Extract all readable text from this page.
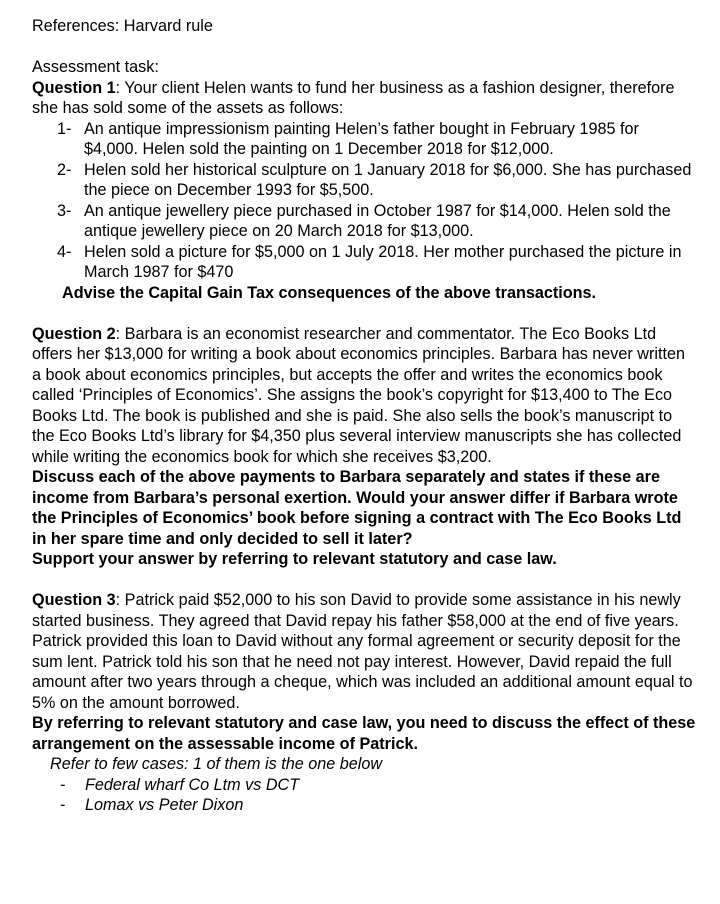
References: Harvard rule

Assessment task:

Question 1: Your client Helen wants to fund her business as a fashion designer, therefore she has sold some of the assets as follows:

1- An antique impressionism painting Helen’s father bought in February 1985 for $4,000. Helen sold the painting on 1 December 2018 for $12,000.
2- Helen sold her historical sculpture on 1 January 2018 for $6,000. She has purchased the piece on December 1993 for $5,500.
3- An antique jewellery piece purchased in October 1987 for $14,000. Helen sold the antique jewellery piece on 20 March 2018 for $13,000.
4- Helen sold a picture for $5,000 on 1 July 2018. Her mother purchased the picture in March 1987 for $470

Advise the Capital Gain Tax consequences of the above transactions.

Question 2: Barbara is an economist researcher and commentator. The Eco Books Ltd offers her $13,000 for writing a book about economics principles. Barbara has never written a book about economics principles, but accepts the offer and writes the economics book called ‘Principles of Economics’. She assigns the book’s copyright for $13,400 to The Eco Books Ltd. The book is published and she is paid. She also sells the book’s manuscript to the Eco Books Ltd’s library for $4,350 plus several interview manuscripts she has collected while writing the economics book for which she receives $3,200.

Discuss each of the above payments to Barbara separately and states if these are income from Barbara’s personal exertion. Would your answer differ if Barbara wrote the Principles of Economics’ book before signing a contract with The Eco Books Ltd in her spare time and only decided to sell it later?

Support your answer by referring to relevant statutory and case law.

Question 3: Patrick paid $52,000 to his son David to provide some assistance in his newly started business. They agreed that David repay his father $58,000 at the end of five years. Patrick provided this loan to David without any formal agreement or security deposit for the sum lent. Patrick told his son that he need not pay interest. However, David repaid the full amount after two years through a cheque, which was included an additional amount equal to 5% on the amount borrowed.

By referring to relevant statutory and case law, you need to discuss the effect of these arrangement on the assessable income of Patrick.

Refer to few cases: 1 of them is the one below
- Federal wharf Co Ltm vs DCT
- Lomax vs Peter Dixon
